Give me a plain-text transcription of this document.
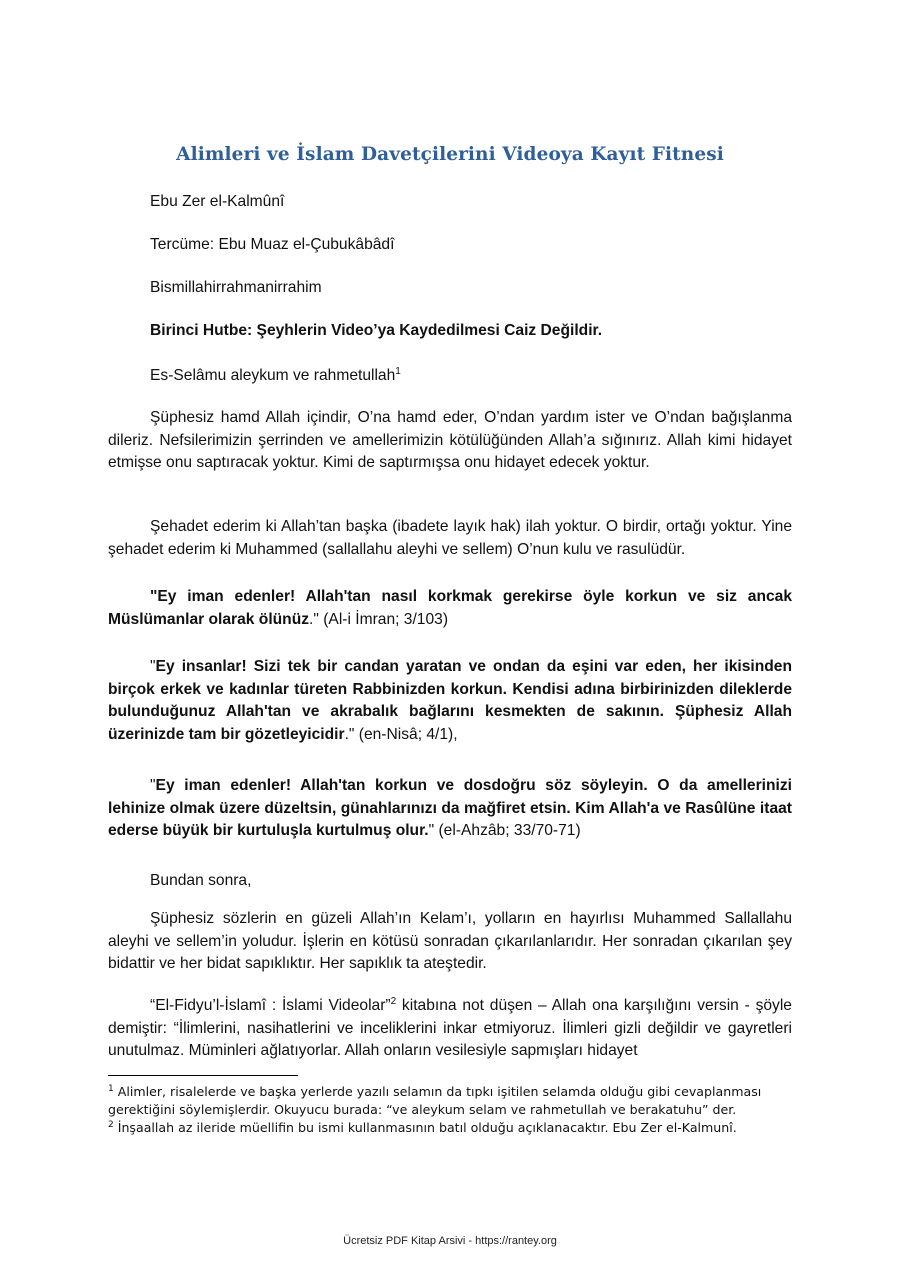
Alimleri ve İslam Davetçilerini Videoya Kayıt Fitnesi
Ebu Zer el-Kalmûnî
Tercüme: Ebu Muaz el-Çubukâbâdî
Bismillahirrahmanirrahim
Birinci Hutbe: Şeyhlerin Video’ya Kaydedilmesi Caiz Değildir.
Es-Selâmu aleykum ve rahmetullah$^1$
Şüphesiz hamd Allah içindir, O’na hamd eder, O’ndan yardım ister ve O’ndan bağışlanma dileriz. Nefsilerimizin şerrinden ve amellerimizin kötülüğünden Allah’a sığınırız. Allah kimi hidayet etmişse onu saptıracak yoktur. Kimi de saptırmışsa onu hidayet edecek yoktur.
Şehadet ederim ki Allah’tan başka (ibadete layık hak) ilah yoktur. O birdir, ortağı yoktur. Yine şehadet ederim ki Muhammed (sallallahu aleyhi ve sellem) O’nun kulu ve rasulüdür.
"Ey iman edenler! Allah'tan nasıl korkmak gerekirse öyle korkun ve siz ancak Müslümanlar olarak ölünüz." (Al-i İmran; 3/103)
"Ey insanlar! Sizi tek bir candan yaratan ve ondan da eşini var eden, her ikisinden birçok erkek ve kadınlar türeten Rabbinizden korkun. Kendisi adına birbirinizden dileklerde bulunduğunuz Allah'tan ve akrabalık bağlarını kesmekten de sakının. Şüphesiz Allah üzerinizde tam bir gözetleyicidir." (en-Nisâ; 4/1),
"Ey iman edenler! Allah'tan korkun ve dosdoğru söz söyleyin. O da amellerinizi lehinize olmak üzere düzeltsin, günahlarınızı da mağfiret etsin. Kim Allah'a ve Rasûlüne itaat ederse büyük bir kurtuluşla kurtulmuş olur." (el-Ahzâb; 33/70-71)
Bundan sonra,
Şüphesiz sözlerin en güzeli Allah’ın Kelam’ı, yolların en hayırlısı Muhammed Sallallahu aleyhi ve sellem’in yoludur. İşlerin en kötüsü sonradan çıkarılanlarıdır. Her sonradan çıkarılan şey bidattir ve her bidat sapıklıktır. Her sapıklık ta ateştedir.
“El-Fidyu’l-İslamî : İslami Videolar”$^2$ kitabına not düşen – Allah ona karşılığını versin - şöyle demiştir: “İlimlerini, nasihatlerini ve inceliklerini inkar etmiyoruz. İlimleri gizli değildir ve gayretleri unutulmaz. Müminleri ağlatıyorlar. Allah onların vesilesiyle sapmışları hidayet
$^1$ Alimler, risalelerde ve başka yerlerde yazılı selamın da tıpkı işitilen selamda olduğu gibi cevaplanması gerektiğini söylemişlerdir. Okuyucu burada: “ve aleykum selam ve rahmetullah ve berakatuhu” der.
$^2$ İnşaallah az ileride müellifin bu ismi kullanmasının batıl olduğu açıklanacaktır. Ebu Zer el-Kalmunî.
Ücretsiz PDF Kitap Arsivi - https://rantey.org
